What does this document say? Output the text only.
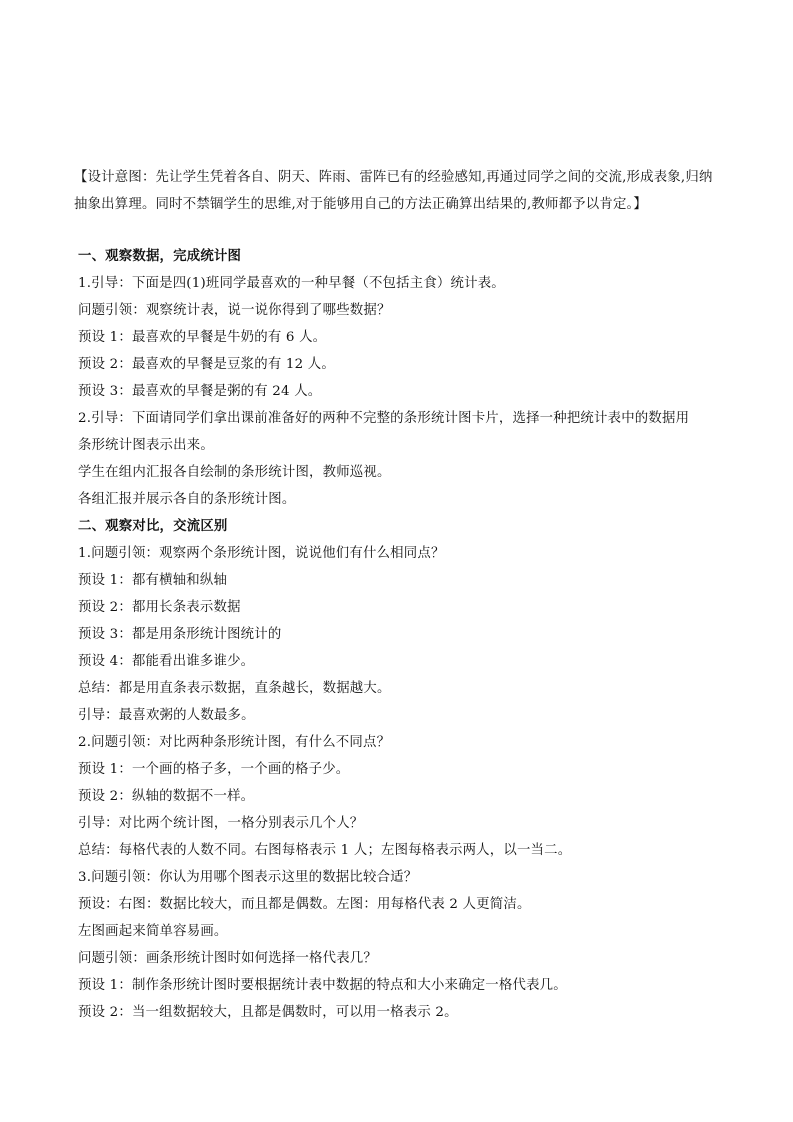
【设计意图：先让学生凭着各自、阴天、阵雨、雷阵已有的经验感知,再通过同学之间的交流,形成表象,归纳抽象出算理。同时不禁锢学生的思维,对于能够用自己的方法正确算出结果的,教师都予以肯定。】
一、观察数据，完成统计图
1.引导：下面是四(1)班同学最喜欢的一种早餐（不包括主食）统计表。
问题引领：观察统计表，说一说你得到了哪些数据？
预设 1：最喜欢的早餐是牛奶的有 6 人。
预设 2：最喜欢的早餐是豆浆的有 12 人。
预设 3：最喜欢的早餐是粥的有 24 人。
2.引导：下面请同学们拿出课前准备好的两种不完整的条形统计图卡片，选择一种把统计表中的数据用
条形统计图表示出来。
学生在组内汇报各自绘制的条形统计图，教师巡视。
各组汇报并展示各自的条形统计图。
二、观察对比，交流区别
1.问题引领：观察两个条形统计图，说说他们有什么相同点？
预设 1：都有横轴和纵轴
预设 2：都用长条表示数据
预设 3：都是用条形统计图统计的
预设 4：都能看出谁多谁少。
总结：都是用直条表示数据，直条越长，数据越大。
引导：最喜欢粥的人数最多。
2.问题引领：对比两种条形统计图，有什么不同点？
预设 1：一个画的格子多，一个画的格子少。
预设 2：纵轴的数据不一样。
引导：对比两个统计图，一格分别表示几个人？
总结：每格代表的人数不同。右图每格表示 1 人；左图每格表示两人，以一当二。
3.问题引领：你认为用哪个图表示这里的数据比较合适？
预设：右图：数据比较大，而且都是偶数。左图：用每格代表 2 人更简洁。
左图画起来简单容易画。
问题引领：画条形统计图时如何选择一格代表几？
预设 1：制作条形统计图时要根据统计表中数据的特点和大小来确定一格代表几。
预设 2：当一组数据较大，且都是偶数时，可以用一格表示 2。
